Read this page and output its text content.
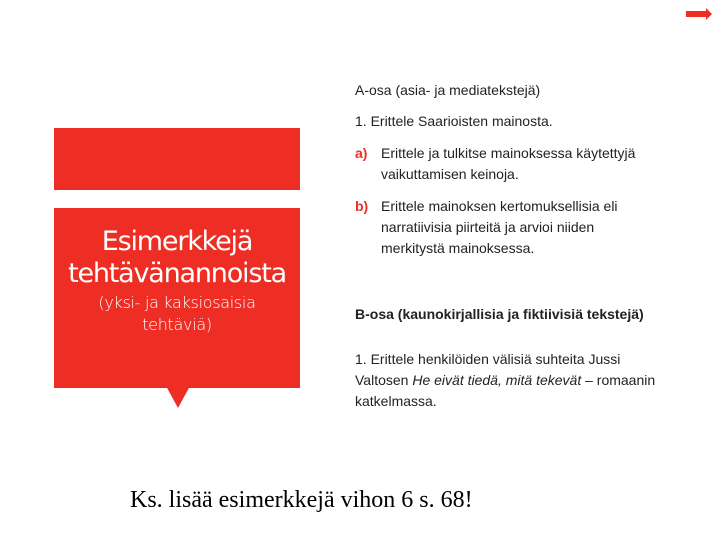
Esimerkkejä tehtävänannoista
(yksi- ja kaksiosaisia tehtäviä)
A-osa (asia- ja mediatekstejä)
1. Erittele Saarioisten mainosta.
a) Erittele ja tulkitse mainoksessa käytettyjä vaikuttamisen keinoja.
b) Erittele mainoksen kertomuksellisia eli narratiivisia piirteitä ja arvioi niiden merkitystä mainoksessa.
B-osa (kaunokirjallisia ja fiktiivisiä tekstejä)
1. Erittele henkilöiden välisiä suhteita Jussi Valtosen He eivät tiedä, mitä tekevät – romaanin katkelmassa.
Ks. lisää esimerkkejä vihon 6 s. 68!
